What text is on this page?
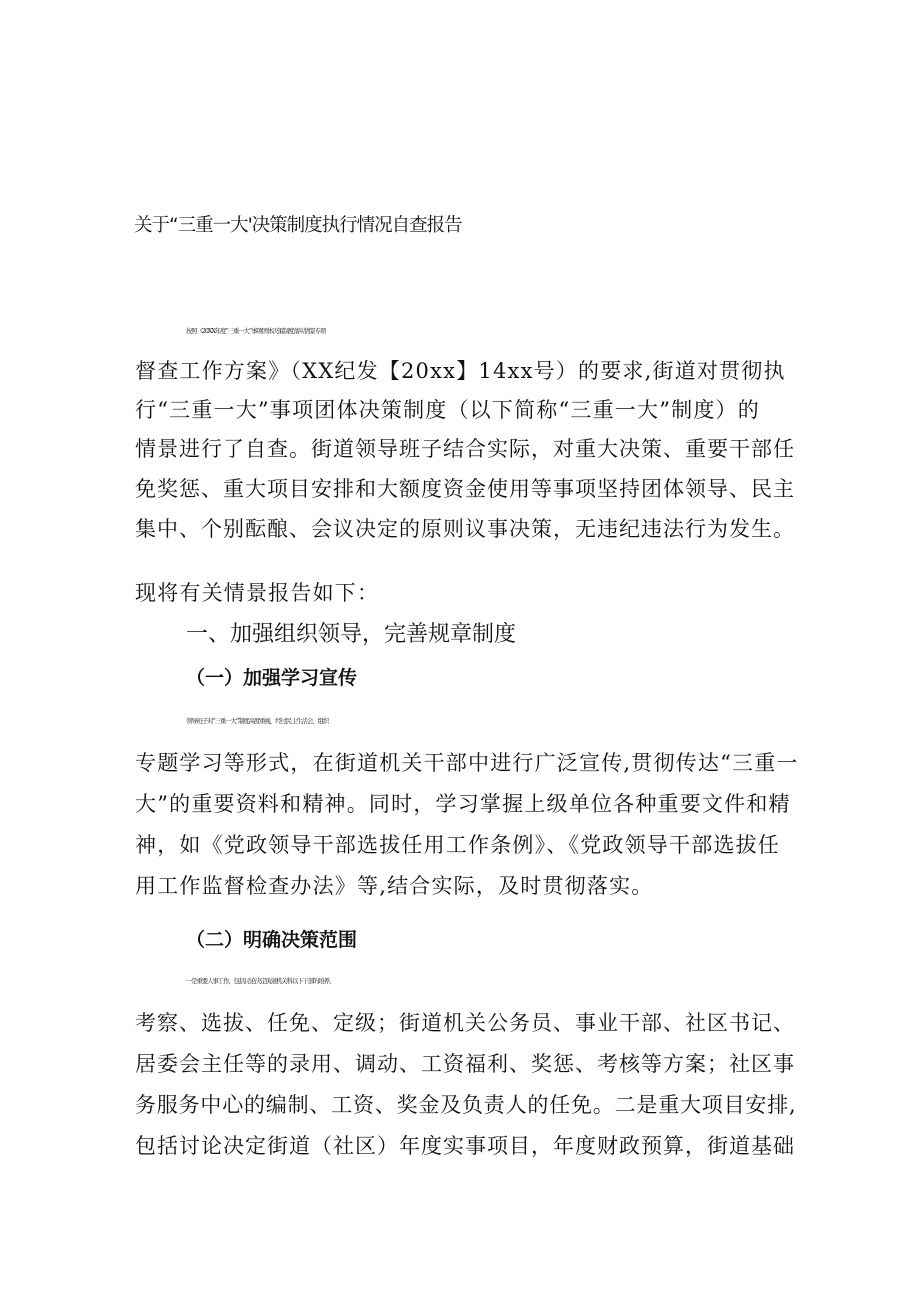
关于“三重一大'决策制度执行情况自查报告
按照《20XX年度“三重一大”事项团体决策制度落实情景专项
督查工作方案》（XX纪发【20xx】14xx号）的要求,街道对贯彻执
行“三重一大”事项团体决策制度（以下简称“三重一大”制度）的
情景进行了自查。街道领导班子结合实际，对重大决策、重要干部任
免奖惩、重大项目安排和大额度资金使用等事项坚持团体领导、民主
集中、个别酝酿、会议决定的原则议事决策，无违纪违法行为发生。
现将有关情景报告如下：
一、加强组织领导，完善规章制度
（一）加强学习宣传
领导班子对“三重一大”制度高度重视，经过民主生活会、组织
专题学习等形式，在街道机关干部中进行广泛宣传,贯彻传达“三重一
大”的重要资料和精神。同时，学习掌握上级单位各种重要文件和精
神，如《党政领导干部选拔任用工作条例》、《党政领导干部选拔任
用工作监督检查办法》等,结合实际，及时贯彻落实。
（二）明确决策范围
一是重要人事工作，包括讨论决定街道机关科以下干部的培养、
考察、选拔、任免、定级；街道机关公务员、事业干部、社区书记、
居委会主任等的录用、调动、工资福利、奖惩、考核等方案；社区事
务服务中心的编制、工资、奖金及负责人的任免。二是重大项目安排,
包括讨论决定街道（社区）年度实事项目，年度财政预算，街道基础
